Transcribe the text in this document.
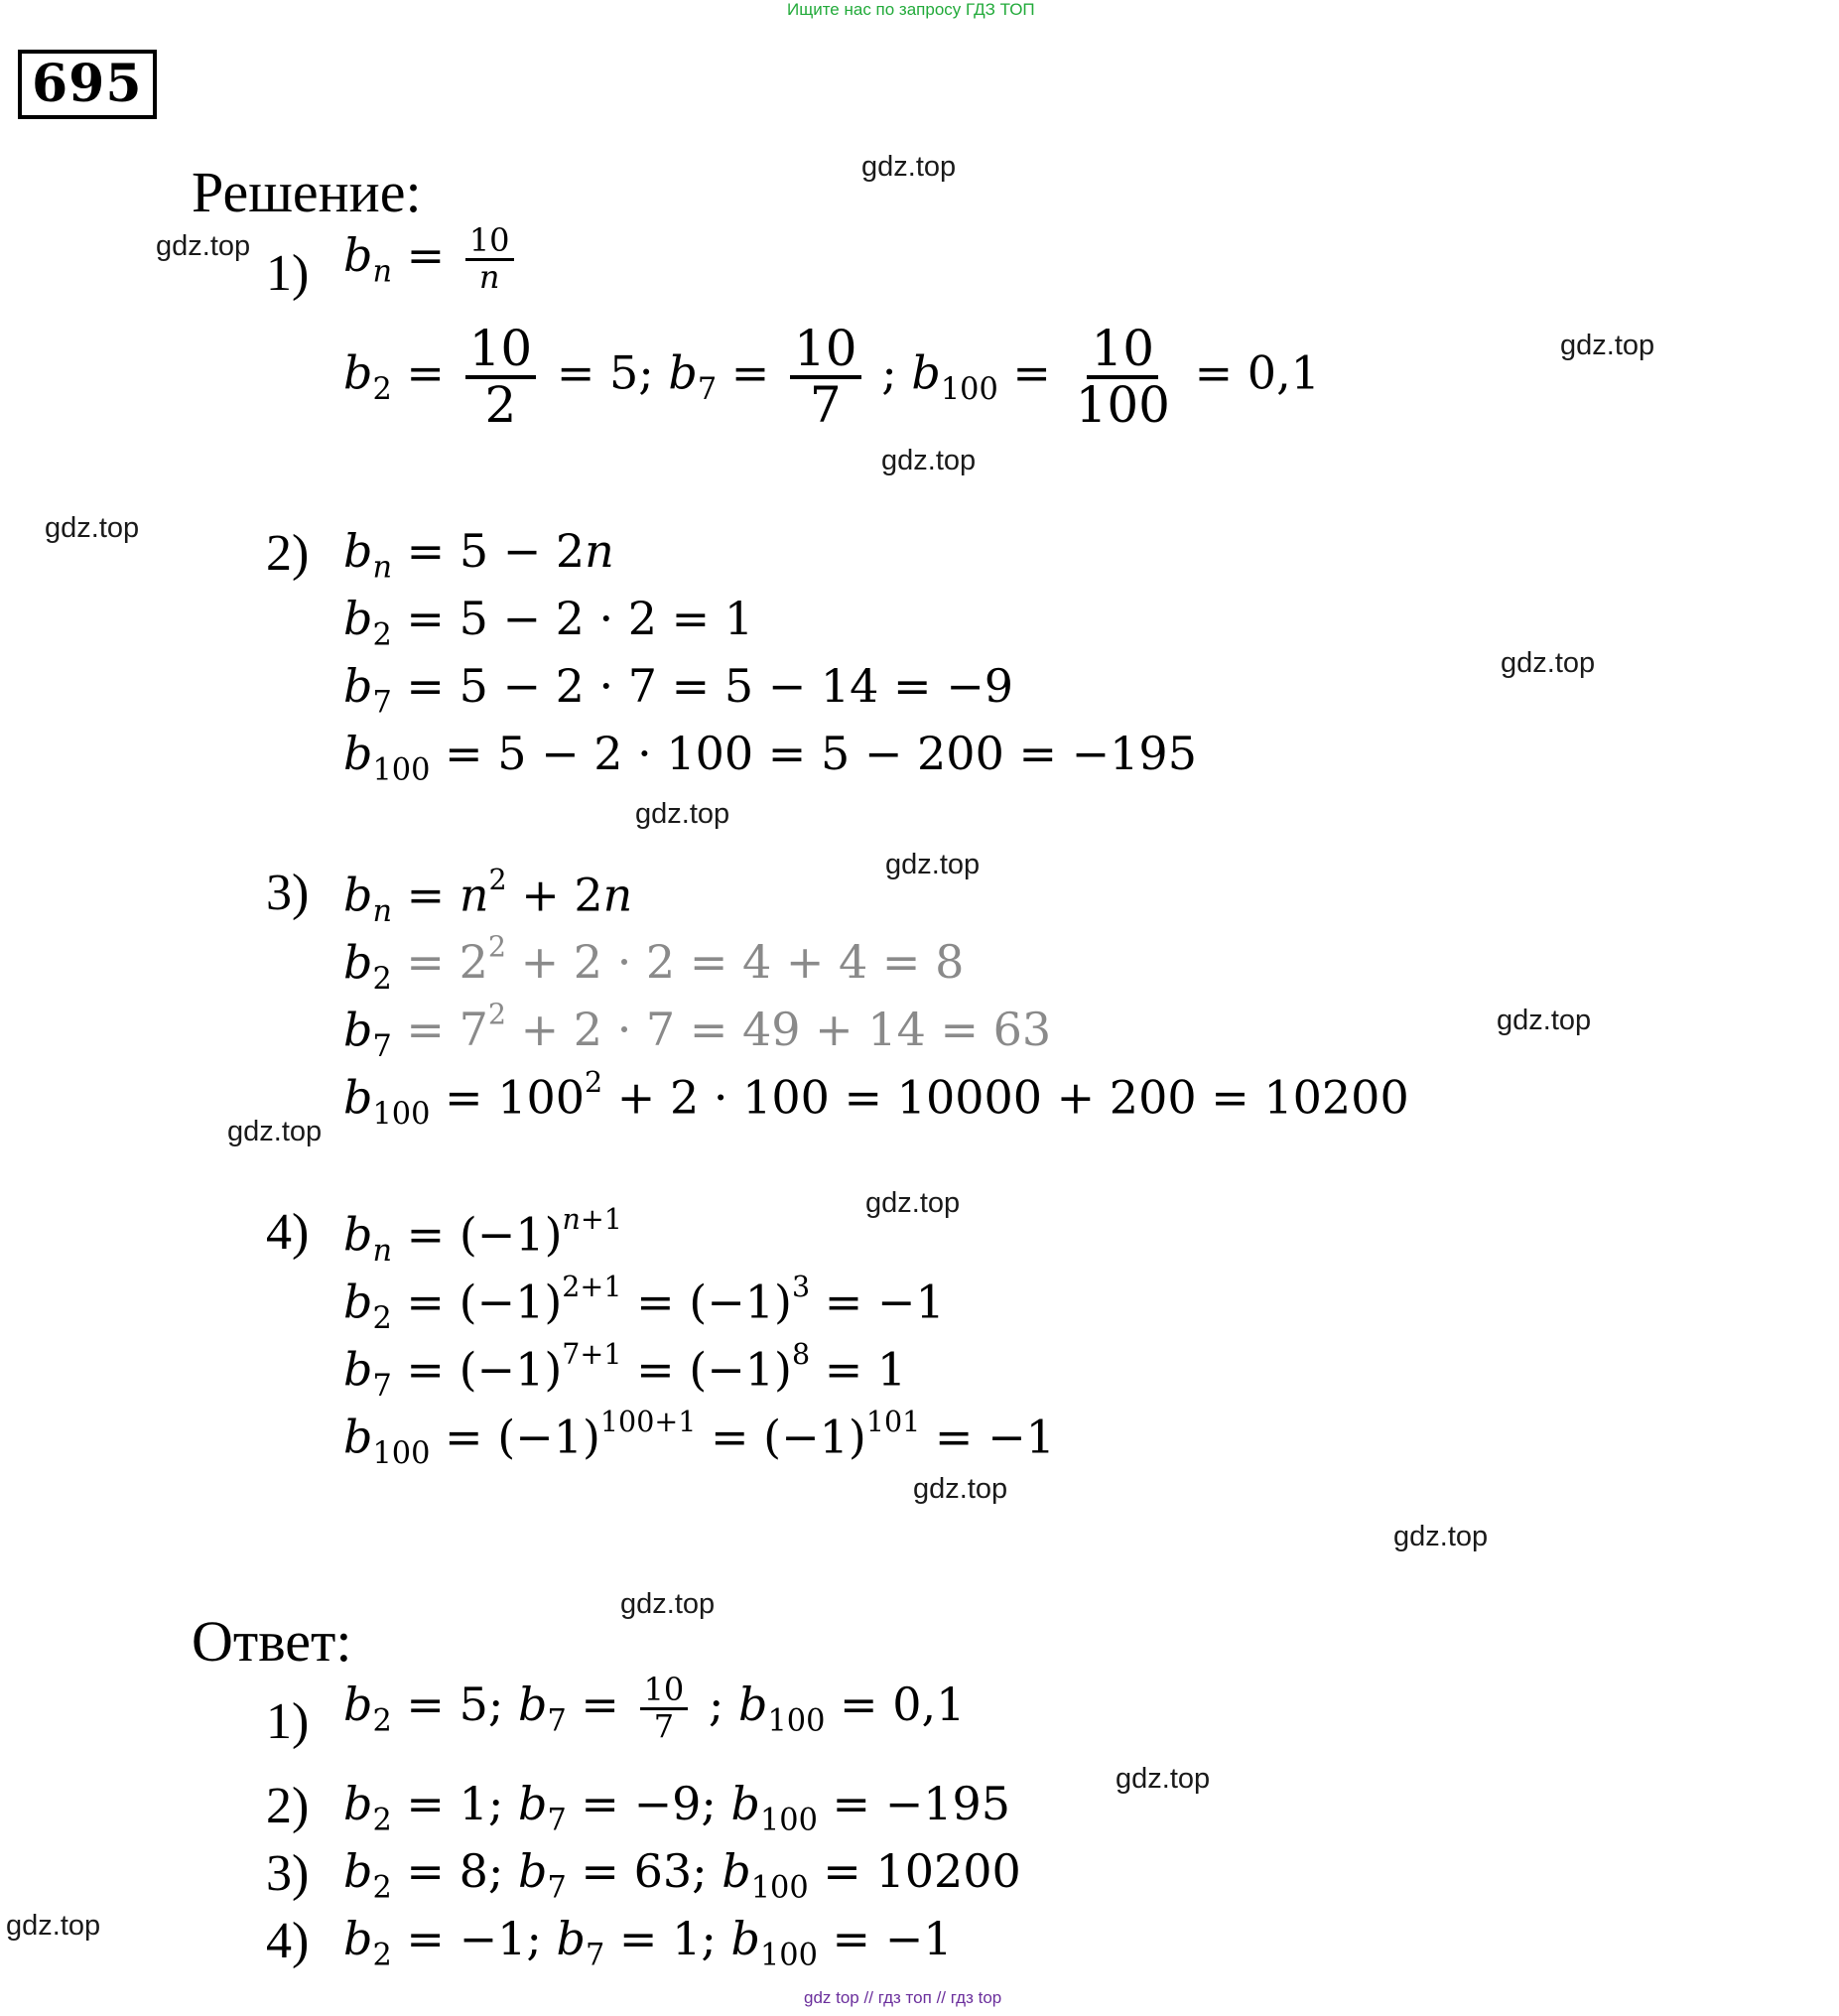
Ищите нас по запросу ГДЗ ТОП
695
Решение:
1) $b_n = \frac{10}{n}$
$b_2 = \frac{10}{2} = 5$; $b_7 = \frac{10}{7}$ ; $b_{100} = \frac{10}{100} = 0,1$
2) $b_n = 5 - 2n$
$b_2 = 5 - 2 \cdot 2 = 1$
$b_7 = 5 - 2 \cdot 7 = 5 - 14 = -9$
$b_{100} = 5 - 2 \cdot 100 = 5 - 200 = -195$
3) $b_n = n^2 + 2n$
$b_2 = 2^2 + 2 \cdot 2 = 4 + 4 = 8$
$b_7 = 7^2 + 2 \cdot 7 = 49 + 14 = 63$
$b_{100} = 100^2 + 2 \cdot 100 = 10000 + 200 = 10200$
4) $b_n = (-1)^{n+1}$
$b_2 = (-1)^{2+1} = (-1)^3 = -1$
$b_7 = (-1)^{7+1} = (-1)^8 = 1$
$b_{100} = (-1)^{100+1} = (-1)^{101} = -1$
Ответ:
1) $b_2 = 5$; $b_7 = \frac{10}{7}$ ; $b_{100} = 0,1$
2) $b_2 = 1$; $b_7 = -9$; $b_{100} = -195$
3) $b_2 = 8$; $b_7 = 63$; $b_{100} = 10200$
4) $b_2 = -1$; $b_7 = 1$; $b_{100} = -1$
gdz.top
gdz.top
gdz.top
gdz.top
gdz.top
gdz.top
gdz.top
gdz.top
gdz.top
gdz.top
gdz.top
gdz.top
gdz.top
gdz.top
gdz.top
gdz.top
gdz top // гдз топ // гдз top
